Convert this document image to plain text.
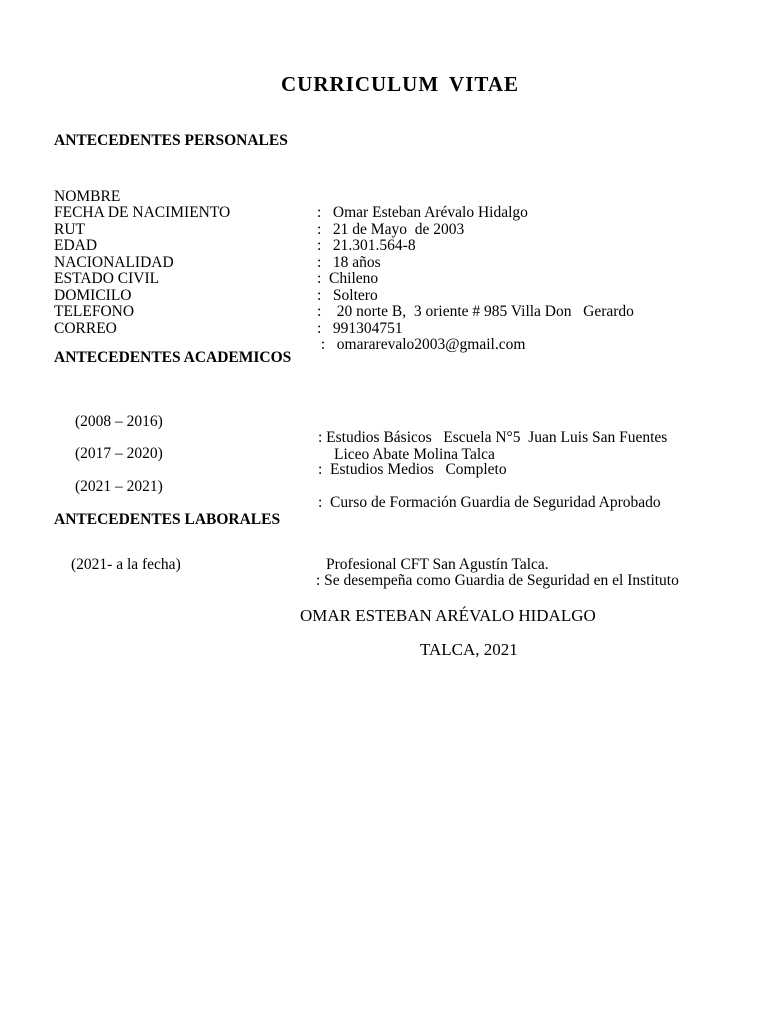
CURRICULUM VITAE
ANTECEDENTES PERSONALES

NOMBRE

:   Omar Esteban Arévalo Hidalgo

FECHA DE NACIMIENTO

:   21 de Mayo  de 2003

RUT

:   21.301.564-8

EDAD

:   18 años

NACIONALIDAD

:  Chileno

ESTADO CIVIL

:   Soltero

DOMICILO

:    20 norte B,  3 oriente # 985 Villa Don   Gerardo

TELEFONO

:   991304751

CORREO

:   omararevalo2003@gmail.com

ANTECEDENTES ACADEMICOS

(2008 – 2016)

: Estudios Básicos   Escuela N°5  Juan Luis San Fuentes

(2017 – 2020)

:  Estudios Medios   Completo

Liceo Abate Molina Talca

(2021 – 2021)

:  Curso de Formación Guardia de Seguridad Aprobado

ANTECEDENTES LABORALES

(2021- a la fecha)

: Se desempeña como Guardia de Seguridad en el Instituto

Profesional CFT San Agustín Talca.
OMAR ESTEBAN ARÉVALO HIDALGO
TALCA, 2021
